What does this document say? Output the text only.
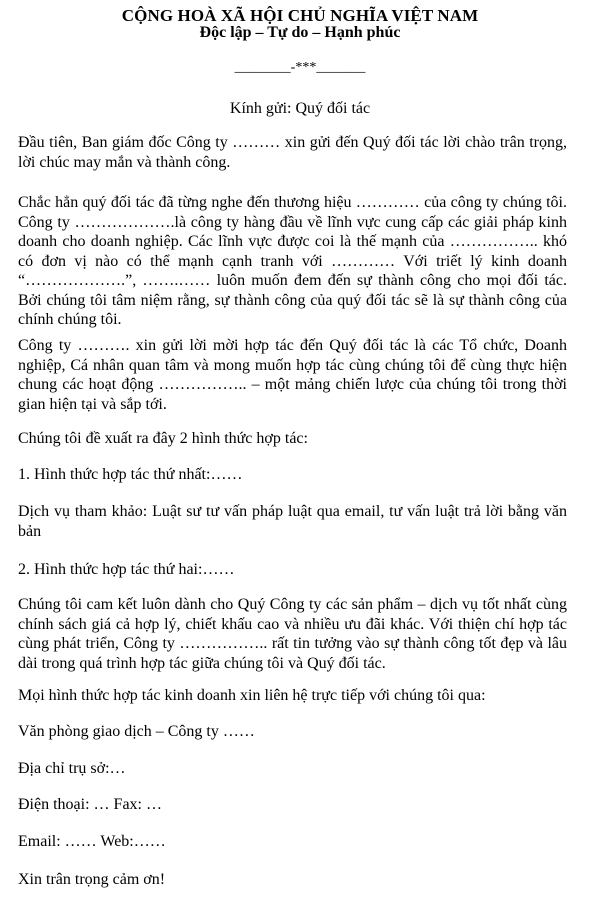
CỘNG HOÀ XÃ HỘI CHỦ NGHĨA VIỆT NAM
Độc lập – Tự do – Hạnh phúc
________-***_______
Kính gửi: Quý đối tác

Đầu tiên, Ban giám đốc Công ty ……… xin gửi đến Quý đối tác lời chào trân trọng, lời chúc may mắn và thành công.

Chắc hẳn quý đối tác đã từng nghe đến thương hiệu ………… của công ty chúng tôi. Công ty ……………….là công ty hàng đầu về lĩnh vực cung cấp các giải pháp kinh doanh cho doanh nghiệp. Các lĩnh vực được coi là thế mạnh của …………….. khó có đơn vị nào có thể mạnh cạnh tranh với ………… Với triết lý kinh doanh “……………….”, …….…… luôn muốn đem đến sự thành công cho mọi đối tác. Bởi chúng tôi tâm niệm rằng, sự thành công của quý đối tác sẽ là sự thành công của chính chúng tôi.

Công ty ………. xin gửi lời mời hợp tác đến Quý đối tác là các Tổ chức, Doanh nghiệp, Cá nhân quan tâm và mong muốn hợp tác cùng chúng tôi để cùng thực hiện chung các hoạt động …………….. – một mảng chiến lược của chúng tôi trong thời gian hiện tại và sắp tới.

Chúng tôi đề xuất ra đây 2 hình thức hợp tác:

1. Hình thức hợp tác thứ nhất:……

Dịch vụ tham khảo: Luật sư tư vấn pháp luật qua email, tư vấn luật trả lời bằng văn bản

2. Hình thức hợp tác thứ hai:……

Chúng tôi cam kết luôn dành cho Quý Công ty các sản phẩm – dịch vụ tốt nhất cùng chính sách giá cả hợp lý, chiết khấu cao và nhiều ưu đãi khác. Với thiện chí hợp tác cùng phát triển, Công ty …………….. rất tin tưởng vào sự thành công tốt đẹp và lâu dài trong quá trình hợp tác giữa chúng tôi và Quý đối tác.

Mọi hình thức hợp tác kinh doanh xin liên hệ trực tiếp với chúng tôi qua:

Văn phòng giao dịch – Công ty ……

Địa chỉ trụ sở:…

Điện thoại: … Fax: …

Email: …… Web:……

Xin trân trọng cảm ơn!
